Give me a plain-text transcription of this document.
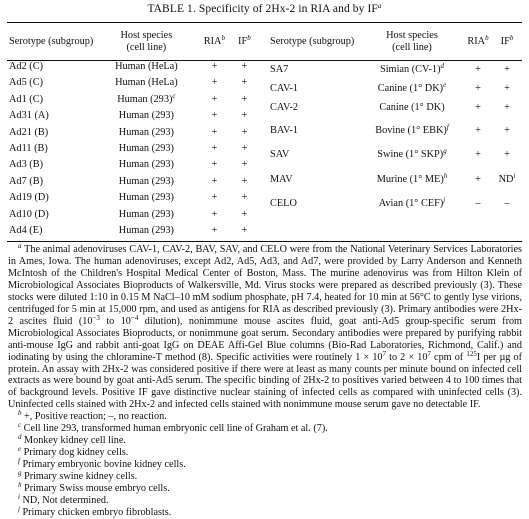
TABLE 1. Specificity of 2Hx-2 in RIA and by $IF^a$
Serotype (subgroup)	Host species
(cell line)	RIA$^b$	$IF^b$
Ad2 (C)	Human (HeLa)	+	+
Ad5 (C)	Human (HeLa)	+	+
Ad1 (C)	Human $(293)^c$	+	+
Ad31 (A)	Human (293)	+	+
Ad21 (B)	Human (293)	+	+
Ad11 (B)	Human (293)	+	+
Ad3 (B)	Human (293)	+	+
Ad7 (B)	Human (293)	+	+
Ad19 (D)	Human (293)	+	+
Ad10 (D)	Human (293)	+	+
Ad4 (E)	Human (293)	+	+
Serotype (subgroup)	Host species
(cell line)	RIA$^b$	$IF^b$
SA7	Simian $(CV-1)^d$	+	+
CAV-1	Canine (1° DK)$^e$	+	+
CAV-2	Canine (1° DK)	+	+
BAV-1	Bovine (1° EBK)$^f$	+	+
SAV	Swine (1° SKP)$^g$	+	+
MAV	Murine (1° ME)$^h$	+	$ND^i$
CELO	Avian (1° CEF)$^j$	–	–
$^a$ The animal adenoviruses CAV-1, CAV-2, BAV, SAV, and CELO were from the National Veterinary Services Laboratories in Ames, Iowa. The human adenoviruses, except Ad2, Ad5, Ad3, and Ad7, were provided by Larry Anderson and Kenneth McIntosh of the Children's Hospital Medical Center of Boston, Mass. The murine adenovirus was from Hilton Klein of Microbiological Associates Bioproducts of Walkersville, Md. Virus stocks were prepared as described previously (3). These stocks were diluted 1:10 in 0.15 M NaCl–10 mM sodium phosphate, pH 7.4, heated for 10 min at 56°C to gently lyse virions, centrifuged for 5 min at 15,000 rpm, and used as antigens for RIA as described previously (3). Primary antibodies were 2Hx-2 ascites fluid ($10^{-3}$ to $10^{-4}$ dilution), nonimmune mouse ascites fluid, goat anti-Ad5 group-specific serum from Microbiological Associates Bioproducts, or nonimmune goat serum. Secondary antibodies were prepared by purifying rabbit anti-mouse IgG and rabbit anti-goat IgG on DEAE Affi-Gel Blue columns (Bio-Rad Laboratories, Richmond, Calif.) and iodinating by using the chloramine-T method (8). Specific activities were routinely $1 \times 10^7$ to $2 \times 10^7$ cpm of $^{125}$I per µg of protein. An assay with 2Hx-2 was considered positive if there were at least as many counts per minute bound on infected cell extracts as were bound by goat anti-Ad5 serum. The specific binding of 2Hx-2 to positives varied between 4 to 100 times that of background levels. Positive IF gave distinctive nuclear staining of infected cells as compared with uninfected cells (3). Uninfected cells stained with 2Hx-2 and infected cells stained with nonimmune mouse serum gave no detectable IF.
$^b$ +, Positive reaction; –, no reaction.
$^c$ Cell line 293, transformed human embryonic cell line of Graham et al. (7).
$^d$ Monkey kidney cell line.
$^e$ Primary dog kidney cells.
$^f$ Primary embryonic bovine kidney cells.
$^g$ Primary swine kidney cells.
$^h$ Primary Swiss mouse embryo cells.
$^i$ ND, Not determined.
$^j$ Primary chicken embryo fibroblasts.
